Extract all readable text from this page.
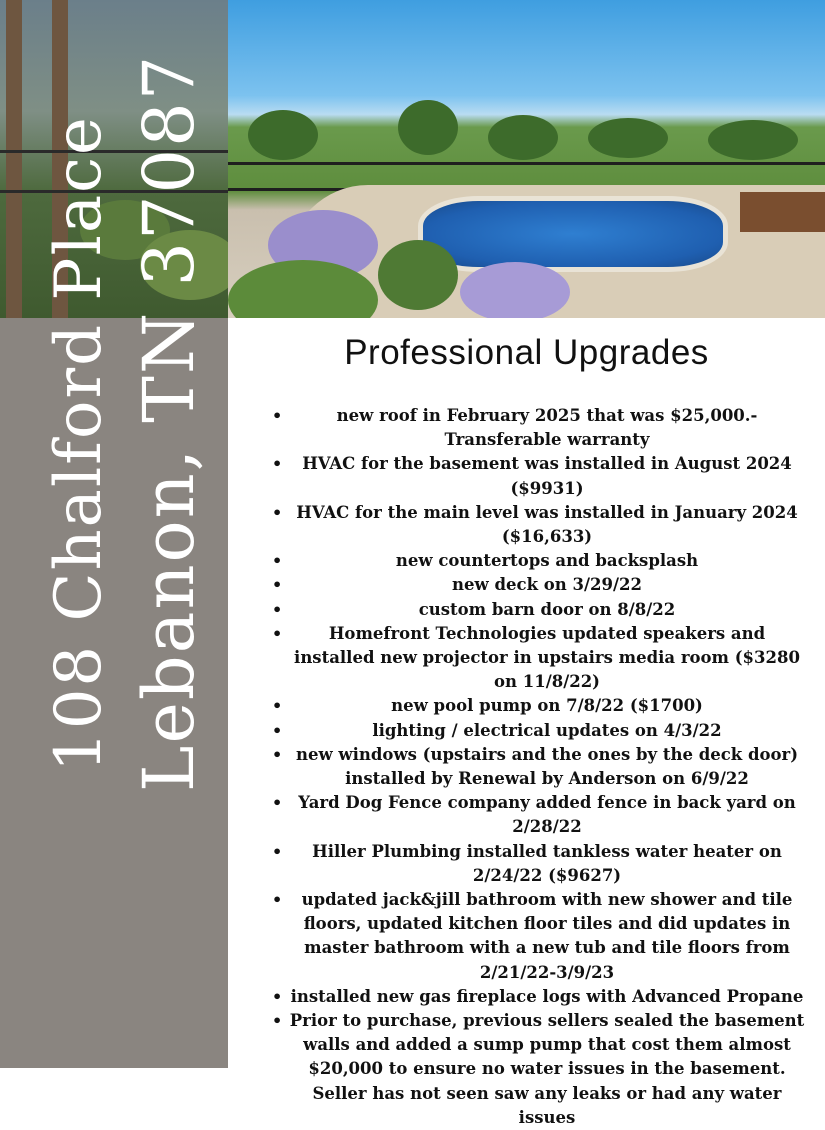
108 Chalford Place Lebanon, TN 37087	Professional Upgrades
•	new roof in February 2025 that was $25,000.- Transferable warranty
• HVAC for the basement was installed in August 2024 ($9931)
• HVAC for the main level was installed in January 2024 ($16,633)
•	new countertops and backsplash
•	new deck on 3/29/22
•	custom barn door on 8/8/22
•	Homefront Technologies updated speakers and installed new projector in upstairs media room ($3280 on 11/8/22)
•	new pool pump on 7/8/22 ($1700)
•	lighting / electrical updates on 4/3/22
• new windows (upstairs and the ones by the deck door) installed by Renewal by Anderson on 6/9/22
• Yard Dog Fence company added fence in back yard on 2/28/22
• Hiller Plumbing installed tankless water heater on 2/24/22 ($9627)
• updated jack&jill bathroom with new shower and tile floors, updated kitchen floor tiles and did updates in master bathroom with a new tub and tile floors from 2/21/22-3/9/23
• installed new gas fireplace logs with Advanced Propane
• Prior to purchase, previous sellers sealed the basement walls and added a sump pump that cost them almost $20,000 to ensure no water issues in the basement. Seller has not seen saw any leaks or had any water issues
